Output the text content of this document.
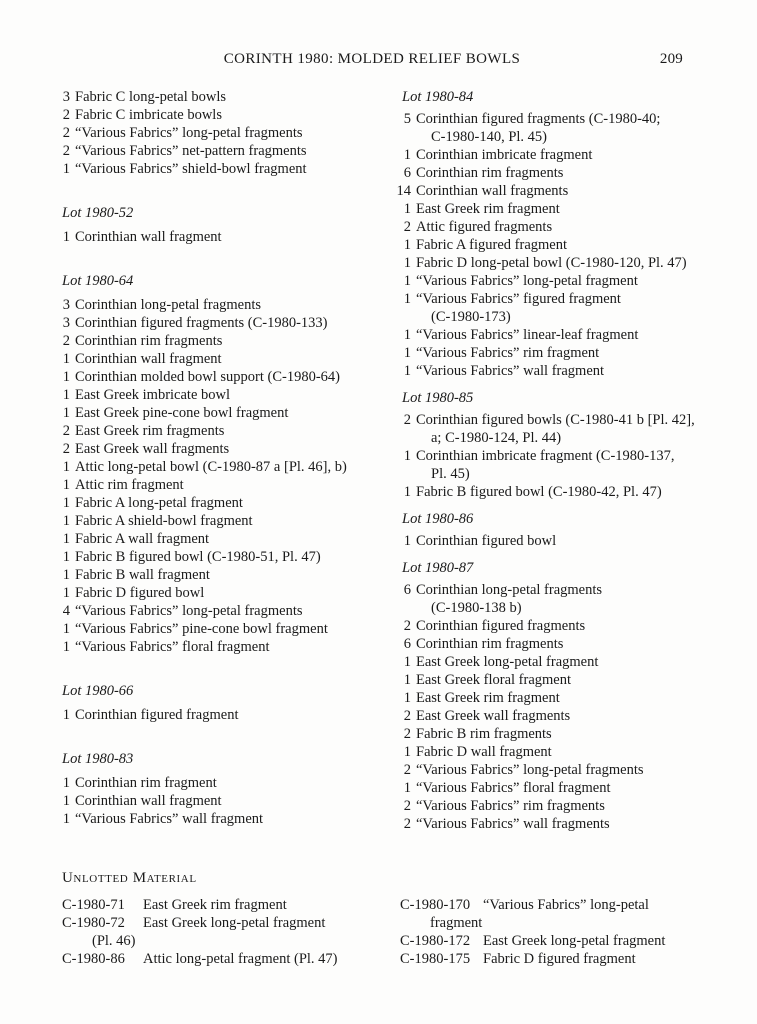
CORINTH 1980: MOLDED RELIEF BOWLS	209
3 Fabric C long-petal bowls
2 Fabric C imbricate bowls
2 “Various Fabrics” long-petal fragments
2 “Various Fabrics” net-pattern fragments
1 “Various Fabrics” shield-bowl fragment
Lot 1980-52
1 Corinthian wall fragment
Lot 1980-64
3 Corinthian long-petal fragments
3 Corinthian figured fragments (C-1980-133)
2 Corinthian rim fragments
1 Corinthian wall fragment
1 Corinthian molded bowl support (C-1980-64)
1 East Greek imbricate bowl
1 East Greek pine-cone bowl fragment
2 East Greek rim fragments
2 East Greek wall fragments
1 Attic long-petal bowl (C-1980-87 a [Pl. 46], b)
1 Attic rim fragment
1 Fabric A long-petal fragment
1 Fabric A shield-bowl fragment
1 Fabric A wall fragment
1 Fabric B figured bowl (C-1980-51, Pl. 47)
1 Fabric B wall fragment
1 Fabric D figured bowl
4 “Various Fabrics” long-petal fragments
1 “Various Fabrics” pine-cone bowl fragment
1 “Various Fabrics” floral fragment
Lot 1980-66
1 Corinthian figured fragment
Lot 1980-83
1 Corinthian rim fragment
1 Corinthian wall fragment
1 “Various Fabrics” wall fragment
Lot 1980-84
5 Corinthian figured fragments (C-1980-40;
C-1980-140, Pl. 45)
1 Corinthian imbricate fragment
6 Corinthian rim fragments
14 Corinthian wall fragments
1 East Greek rim fragment
2 Attic figured fragments
1 Fabric A figured fragment
1 Fabric D long-petal bowl (C-1980-120, Pl. 47)
1 “Various Fabrics” long-petal fragment
1 “Various Fabrics” figured fragment
(C-1980-173)
1 “Various Fabrics” linear-leaf fragment
1 “Various Fabrics” rim fragment
1 “Various Fabrics” wall fragment
Lot 1980-85
2 Corinthian figured bowls (C-1980-41 b [Pl. 42],
a; C-1980-124, Pl. 44)
1 Corinthian imbricate fragment (C-1980-137,
Pl. 45)
1 Fabric B figured bowl (C-1980-42, Pl. 47)
Lot 1980-86
1 Corinthian figured bowl
Lot 1980-87
6 Corinthian long-petal fragments
(C-1980-138 b)
2 Corinthian figured fragments
6 Corinthian rim fragments
1 East Greek long-petal fragment
1 East Greek floral fragment
1 East Greek rim fragment
2 East Greek wall fragments
2 Fabric B rim fragments
1 Fabric D wall fragment
2 “Various Fabrics” long-petal fragments
1 “Various Fabrics” floral fragment
2 “Various Fabrics” rim fragments
2 “Various Fabrics” wall fragments
Unlotted Material
C-1980-71	East Greek rim fragment
C-1980-72	East Greek long-petal fragment
(Pl. 46)
C-1980-86	Attic long-petal fragment (Pl. 47)
C-1980-170 “Various Fabrics” long-petal
fragment
C-1980-172 East Greek long-petal fragment
C-1980-175 Fabric D figured fragment
